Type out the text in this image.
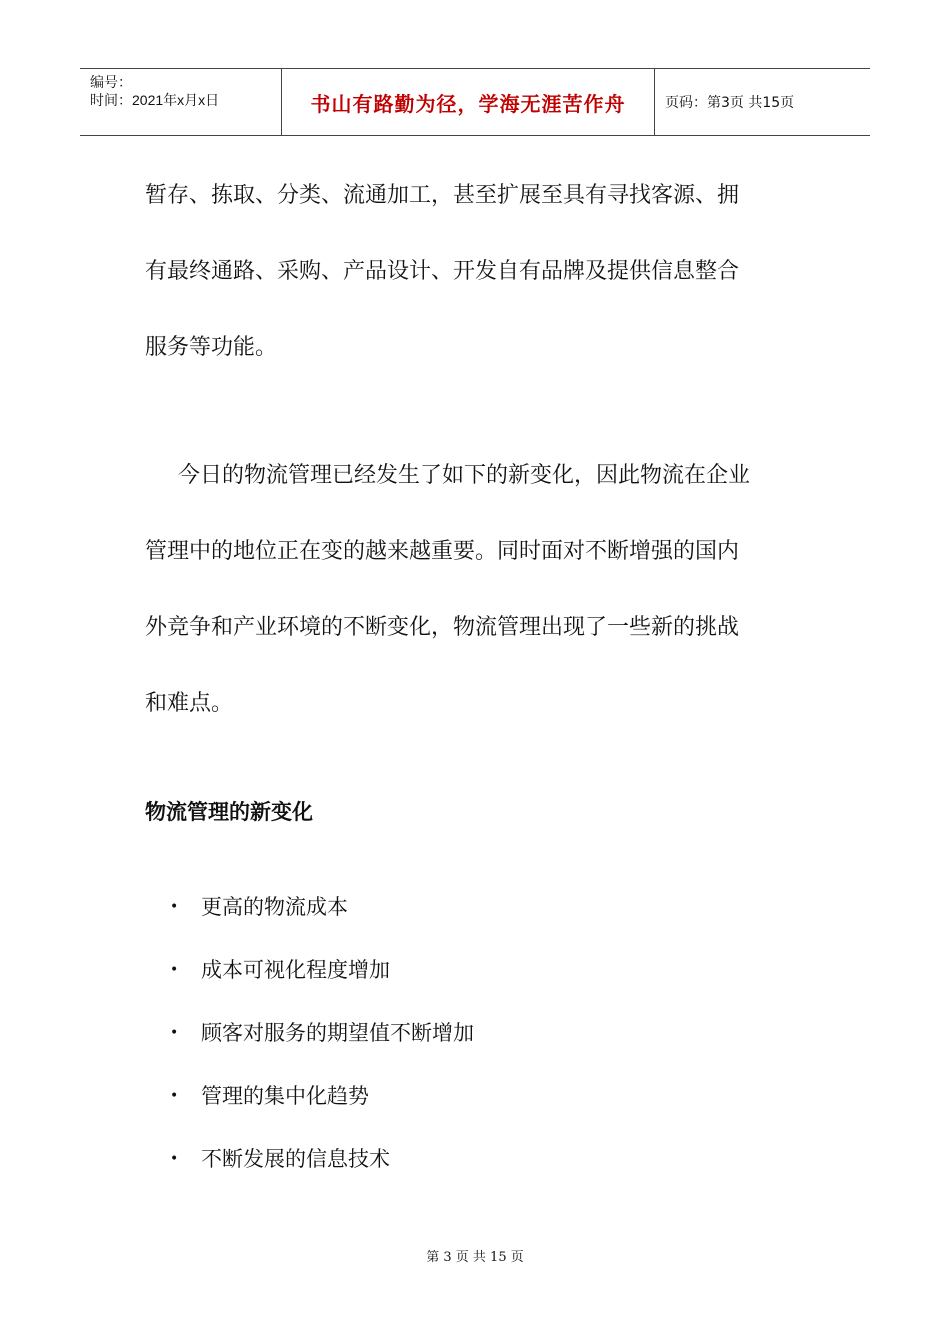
编号：
时间：2021年x月x日	书山有路勤为径，学海无涯苦作舟	页码：第3页 共15页

暂存、拣取、分类、流通加工，甚至扩展至具有寻找客源、拥

有最终通路、采购、产品设计、开发自有品牌及提供信息整合

服务等功能。

今日的物流管理已经发生了如下的新变化，因此物流在企业

管理中的地位正在变的越来越重要。同时面对不断增强的国内

外竞争和产业环境的不断变化，物流管理出现了一些新的挑战

和难点。

物流管理的新变化

•	更高的物流成本
•	成本可视化程度增加
•	顾客对服务的期望值不断增加
•	管理的集中化趋势
•	不断发展的信息技术
第 3 页 共 15 页
